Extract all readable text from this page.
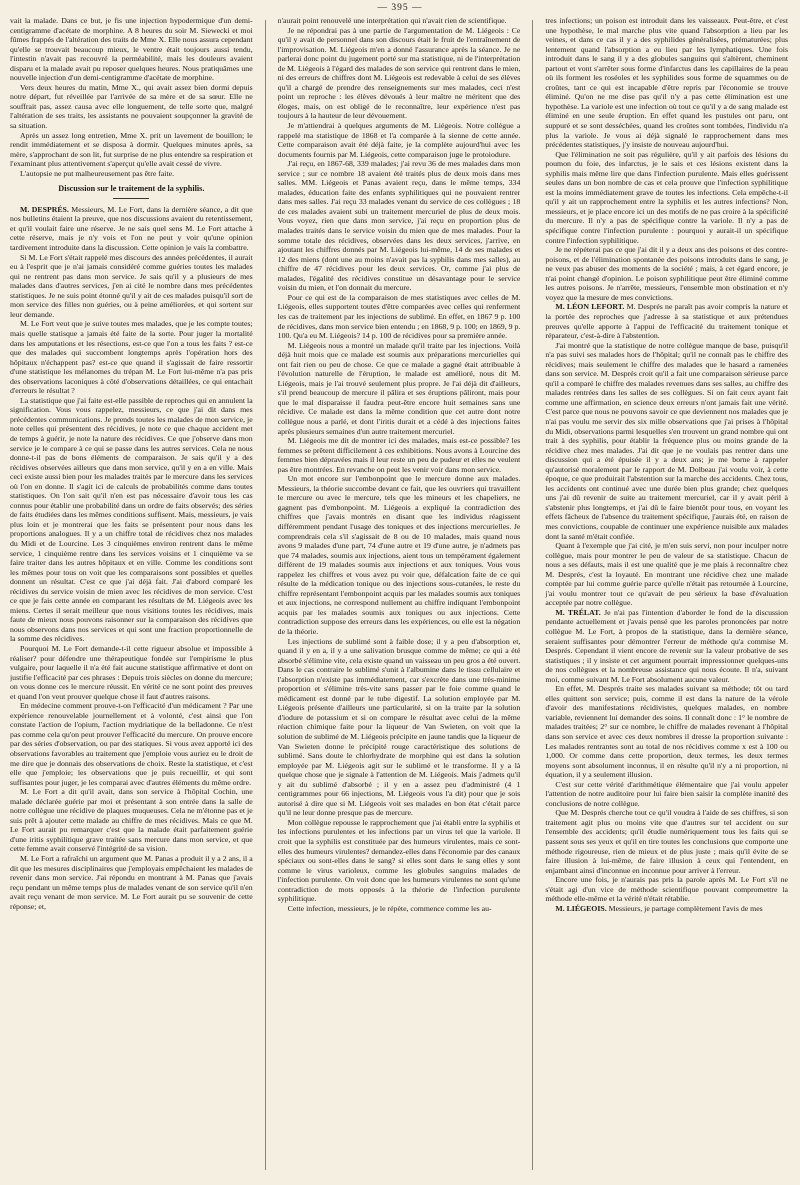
— 395 —

vait la malade. Dans ce but, je fis une injection hypodermique d'un demi-centigramme d'acétate de morphine. A 8 heures du soir M. Siewecki et moi fûmes frappés de l'altération des traits de Mme X. Elle nous assura cependant qu'elle se trouvait beaucoup mieux, le ventre était toujours aussi tendu, l'intestin n'avait pas recouvré la perméabilité, mais les douleurs avaient disparu et la malade avait pu reposer quelques heures. Nous pratiquâmes une nouvelle injection d'un demi-centigramme d'acétate de morphine.

Vers deux heures du matin, Mme X., qui avait assez bien dormi depuis notre départ, fut réveillée par l'arrivée de sa mère et de sa sœur. Elle ne souffrait pas, assez causa avec elle longuement, de telle sorte que, malgré l'altération de ses traits, les assistants ne pouvaient soupçonner la gravité de sa situation.

Après un assez long entretien, Mme X. prit un lavement de bouillon; le rendit immédiatement et se disposa à dormir. Quelques minutes après, sa mère, s'approchant de son lit, fut surprise de ne plus entendre sa respiration et l'examinant plus attentivement s'aperçut qu'elle avait cessé de vivre.

L'autopsie ne put malheureusement pas être faite.

Discussion sur le traitement de la syphilis.

M. DESPRÉS. Messieurs, M. Le Fort, dans la dernière séance, a dit que nos bulletins étaient la preuve, que nos discussions avaient du retentissement, et qu'il voulait faire une réserve. Je ne sais quel sens M. Le Fort attache à cette réserve, mais je n'y vois et l'on ne peut y voir qu'une opinion tardivement introduite dans la discussion. Cette opinion je vais la combattre.

Si M. Le Fort s'était rappelé mes discours des années précédentes, il aurait eu à l'esprit que je n'ai jamais considéré comme guéries toutes les malades qui ne rentrent pas dans mon service. Je sais qu'il y a plusieurs de mes malades dans d'autres services, j'en ai cité le nombre dans mes précédentes statistiques. Je ne suis point étonné qu'il y ait de ces malades puisqu'il sort de mon service des filles non guéries, ou à peine améliorées, et qui sortent sur leur demande.

M. Le Fort veut que je suive toutes mes malades, que je les compte toutes; mais quelle statisque a jamais été faite de la sorte. Pour juger la mortalité dans les amputations et les résections, est-ce que l'on a tous les faits ? est-ce que des malades qui succombent longtemps après l'opération hors des hôpitaux n'échappent pas? est-ce que quand il s'agissait de faire ressortir d'une statistique les mélanomes du trépan M. Le Fort lui-même n'a pas pris des observations laconiques à côté d'observations détaillées, ce qui entachait d'erreurs le résultat ?

La statistique que j'ai faite est-elle passible de reproches qui en annulent la signification. Vous vous rappelez, messieurs, ce que j'ai dit dans mes précédentes communications. Je prends toutes les malades de mon service, je note celles qui présentent des récidives, je note ce que chaque accident met de temps à guérir, je note la nature des récidives. Ce que j'observe dans mon service je le compare à ce qui se passe dans les autres services. Cela ne nous donne-t-il pas de bons éléments de comparaison. Je sais qu'il y a des récidives observées ailleurs que dans mon service, qu'il y en a en ville. Mais ceci existe aussi bien pour les malades traités par le mercure dans les services où l'on en donne. Il s'agit ici de calculs de probabilités comme dans toutes statistiques. On l'on sait qu'il n'en est pas nécessaire d'avoir tous les cas connus pour établir une probabilité dans un ordre de faits observés; des séries de faits étudiées dans les mêmes conditions suffisent. Mais, messieurs, je vais plus loin et je montrerai que les faits se présentent pour nous dans les proportions analogues. Il y a un chiffre total de récidives chez nos malades du Midi et de Lourcine. Les 3 cinquièmes environ rentrent dans le même service, 1 cinquième rentre dans les services voisins et 1 cinquième va se faire traiter dans les autres hôpitaux et en ville. Comme les conditions sont les mêmes pour tous on voit que les comparaisons sont possibles et quelles donnent un résultat. C'est ce que j'ai déjà fait. J'ai d'abord comparé les récidives du service voisin de mien avec les récidives de mon service. C'est ce que je fais cette année en comparant les résultats de M. Liégeois avec les miens. Certes il serait meilleur que nous visitions toutes les récidives, mais faute de mieux nous pouvons raisonner sur la comparaison des récidives que nous observons dans nos services et qui sont une fraction proportionnelle de la somme des récidives.

Pourquoi M. Le Fort demande-t-il cette rigueur absolue et impossible à réaliser? pour défendre une thérapeutique fondée sur l'empirisme le plus vulgaire, pour laquelle il n'a été fait aucune statistique affirmative et dont on justifie l'efficacité par ces phrases : Depuis trois siècles on donne du mercure; on vous donne ces le mercure réussit. En vérité ce ne sont point des preuves et quand l'on veut prouver quelque chose il faut d'autres raisons.

En médecine comment prouve-t-on l'efficacité d'un médicament ? Par une expérience renouvelable journellement et à volonté, c'est ainsi que l'on constate l'action de l'opium, l'action mydriatique de la belladonne. Ce n'est pas comme cela qu'on peut prouver l'efficacité du mercure. On prouve encore par des séries d'observation, ou par des statiques. Si vous avez apporté ici des observations favorables au traitement que j'emploie vous auriez eu le droit de me dire que je donnais des observations de choix. Reste la statistique, et c'est elle que j'emploie; les observations que je puis recueillir, et qui sont suffisantes pour juger, je les comparai avec d'autres éléments du même ordre.

M. Le Fort a dit qu'il avait, dans son service à l'hôpital Cochin, une malade déclarée guérie par moi et présentant à son entrée dans la salle de notre collègue une récidive de plaques muqueuses. Cela ne m'étonne pas et je suis prêt à ajouter cette malade au chiffre de mes récidives. Mais ce que M. Le Fort aurait pu remarquer c'est que la malade était parfaitement guérie d'une iritis syphilitique grave traitée sans mercure dans mon service, et que cette femme avait conservé l'intégrité de sa vision.

M. Le Fort a rafraîchi un argument que M. Panas a produit il y a 2 ans, il a dit que les mesures disciplinaires que j'employais empêchaient les malades de revenir dans mon service. J'ai répondu en montrant à M. Panas que j'avais reçu pendant un même temps plus de malades venant de son service qu'il n'en avait reçu venant de mon service. M. Le Fort aurait pu se souvenir de cette réponse; et,

n'aurait point renouvelé une interprétation qui n'avait rien de scientifique.

Je ne répondrai pas à une partie de l'argumentation de M. Liégeois : Ce qu'il y avait de personnel dans son discours était le fruit de l'entraînement de l'improvisation. M. Liégeois m'en a donné l'assurance après la séance. Je ne parlerai donc point du jugement porté sur ma statistique, ni de l'interprétation de M. Liégeois à l'égard des malades de son service qui rentrent dans le mien, ni des erreurs de chiffres dont M. Liégeois est redevable à celui de ses élèves qu'il a chargé de prendre des renseignements sur mes malades, ceci n'est point un reproche : les élèves dévoués à leur maître ne méritent que des éloges, mais, on est obligé de le reconnaître, leur expérience n'est pas toujours à la hauteur de leur dévouement.

Je m'attiendrai à quelques arguments de M. Liégeois. Notre collègue a rappelé ma statistique de 1868 et l'a comparée à la sienne de cette année. Cette comparaison avait été déjà faite, je la complète aujourd'hui avec les documents fournis par M. Liégeois, cette comparaison juge le protoiodure.

J'ai reçu, en 1867-68, 339 malades; j'ai revu 36 de mes malades dans mon service ; sur ce nombre 18 avaient été traités plus de deux mois dans mes salles. MM. Liégeois et Panas avaient reçu, dans le même temps, 334 malades, éducation faite des enfants syphilitiques qui ne pouvaient rentrer dans mes salles. J'ai reçu 33 malades venant du service de ces collègues ; 18 de ces malades avaient subi un traitement mercuriel de plus de deux mois. Vous voyez, rien que dans mon service, j'ai reçu en proportion plus de malades traités dans le service voisin du mien que de mes malades. Pour la somme totale des récidives, observées dans les deux services, j'arrive, en ajoutant les chiffres donnés par M. Liégeois lui-même, 14 de ses malades et 12 des miens (dont une au moins n'avait pas la syphilis dans mes salles), au chiffre de 47 récidives pour les deux services. Or, comme j'ai plus de malades, l'égalité des récidives constitue un désavantage pour le service voisin du mien, et l'on donnait du mercure.

Pour ce qui est de la comparaison de mes statistiques avec celles de M. Liégeois, elles supportent toutes d'être comparées avec celles qui renferment les cas de traitement par les injections de sublimé. En effet, en 1867 9 p. 100 de récidives, dans mon service bien entendu ; en 1868, 9 p. 100; en 1869, 9 p. 100. Qu'a eu M. Liégeois? 14 p. 100 de récidives pour sa première année.

M. Liégeois nous a montré un malade qu'il traite par les injections. Voilà déjà huit mois que ce malade est soumis aux préparations mercurielles qui ont fait rien ou peu de chose. Ce que ce malade a gagné était attribuable à l'évolution naturelle de l'éruption, le malade est amélioré, nous dit M. Liégeois, mais je l'ai trouvé seulement plus propre. Je l'ai déjà dit d'ailleurs, s'il prend beaucoup de mercure il pâlira et ses éruptions pâliront, mais pour que le mal disparaisse il faudra peut-être encore huit semaines sans une récidive. Ce malade est dans la même condition que cet autre dont notre collègue nous a parlé, et dont l'iritis durait et a cédé à des injections faites après plusieurs semaines d'un autre traitement mercuriel.

M. Liégeois me dit de montrer ici des malades, mais est-ce possible? les femmes se prêtent difficilement à ces exhibitions. Nous avons à Lourcine des femmes bien dépravées mais il leur reste un peu de pudeur et elles ne veulent pas être montrées. En revanche on peut les venir voir dans mon service.

Un mot encore sur l'embonpoint que le mercure donne aux malades. Messieurs, la théorie succombe devant ce fait, que les ouvriers qui travaillent le mercure ou avec le mercure, tels que les mineurs et les chapeliers, ne gagnent pas d'embonpoint. M. Liégeois a expliqué la contradiction des chiffres que j'avais montrés en disant que les individus réagissent différemment pendant l'usage des toniques et des injections mercurielles. Je comprendrais cela s'il s'agissait de 8 ou de 10 malades, mais quand nous avons 9 malades d'une part, 74 d'une autre et 19 d'une autre, je n'admets pas que 74 malades, soumis aux injections, aient tous un tempérament également différent de 19 malades soumis aux injections et aux toniques. Vous vous rappelez les chiffres et vous avez pu voir que, défalcation faite de ce qui résulte de la médication tonique ou des injections sous-cutanées, le reste du chiffre représentant l'embonpoint acquis par les malades soumis aux toniques et aux injections, ne correspond nullement au chiffre indiquant l'embonpoint acquis par les malades soumis aux toniques ou aux injections. Cette contradiction suppose des erreurs dans les expériences, ou elle est la négation de la théorie.

Les injections de sublimé sont à faible dose; il y a peu d'absorption et, quand il y en a, il y a une salivation brusque comme de même; ce qui a été absorbé s'élimine vite, cela existe quand un vaisseau un peu gros a été ouvert. Dans le cas contraire le sublimé s'unit à l'albumine dans le tissu cellulaire et l'absorption n'existe pas immédiatement, car s'excrète dans une très-minime proportion et s'élimine très-vite sans passer par le foie comme quand le médicament est donné par le tube digestif. La solution employée par M. Liégeois présente d'ailleurs une particularité, si on la traite par la solution d'iodure de potassium et si on compare le résultat avec celui de la même réaction chimique faite pour la liqueur de Van Swieten, on voit que la solution de sublimé de M. Liégeois précipite en jaune tandis que la liqueur de Van Swieten donne le précipité rouge caractéristique des solutions de sublimé. Sans doute le chlorhydrate de morphine qui est dans la solution employée par M. Liégeois agit sur le sublimé et le transforme. Il y a là quelque chose que je signale à l'attention de M. Liégeois. Mais j'admets qu'il y ait du sublimé d'absorbé ; il y en a assez peu d'administré (4 1 centigrammes pour 66 injections, M. Liégeois vous l'a dit) pour que je sois autorisé à dire que si M. Liégeois voit ses malades en bon état c'était parce qu'il ne leur donne presque pas de mercure.

Mon collègue repousse le rapprochement que j'ai établi entre la syphilis et les infections purulentes et les infections par un virus tel que la variole. Il croit que la syphilis est constituée par des humeurs virulentes, mais ce sont-elles des humeurs virulentes? demandez-elles dans l'économie par des canaux spéciaux ou sont-elles dans le sang? si elles sont dans le sang elles y sont comme le virus varioleux, comme les globules sanguins malades de l'infection purulente. On voit donc que les humeurs virulentes ne sont qu'une contradiction de mots opposés à la théorie de l'infection purulente syphilitique.

Cette infection, messieurs, je le répète, commence comme les au-

tres infections; un poison est introduit dans les vaisseaux. Peut-être, et c'est une hypothèse, le mal marche plus vite quand l'absorption a lieu par les veines, et dans ce cas il y a des syphilides généralisées, prématurées; plus lentement quand l'absorption a eu lieu par les lymphatiques. Une fois introduit dans le sang il y a des globules sanguins qui s'altèrent, cheminent partout et vont s'arrêter sous forme d'infarctus dans les capillaires de la peau où ils forment les roséoles et les syphilides sous forme de squammes ou de croûtes, tant ce qui est incapable d'être repris par l'économie se trouve éliminé. Qu'on ne me dise pas qu'il n'y a pas cette élimination est une hypothèse. La variole est une infection où tout ce qu'il y a de sang malade est éliminé en une seule éruption. En effet quand les pustules ont paru, ont suppuré et se sont desséchées, quand les croûtes sont tombées, l'individu n'a plus la variole. Je vous ai déjà signalé le rapprochement dans mes précédentes statistiques, j'y insiste de nouveau aujourd'hui.

Que l'élimination ne soit pas régulière, qu'il y ait parfois des lésions du poumon du foie, des infarctus, je le sais et ces lésions existent dans la syphilis mais même lire que dans l'infection purulente. Mais elles guérissent seules dans un bon nombre de cas et cela prouve que l'infection syphilitique est la moins immédiatement grave de toutes les infections. Cela empêche-t-il qu'il y ait un rapprochement entre la syphilis et les autres infections? Non, messieurs, et je place encore ici un des motifs de ne pas croire à la spécificité du mercure. Il n'y a pas de spécifique contre la variole. Il n'y a pas de spécifique contre l'infection purulente : pourquoi y aurait-il un spécifique contre l'infection syphilitique.

Je ne répéterai pas ce que j'ai dit il y a deux ans des poisons et des contre-poisons, et de l'élimination spontanée des poisons introduits dans le sang, je ne veux pas abuser des moments de la société ; mais, à cet égard encore, je n'ai point changé d'opinion. Le poison syphilitique peut être éliminé comme les autres poisons. Je n'arrête, messieurs, l'ensemble mon obstination et n'y voyez que la mesure de mes convictions.

M. LÉON LEFORT. M. Després ne paraît pas avoir compris la nature et la portée des reproches que j'adresse à sa statistique et aux prétendues preuves qu'elle apporte à l'appui de l'efficacité du traitement tonique et réparateur, c'est-à-dire à l'abstention.

J'ai montré que la statistique de notre collègue manque de base, puisqu'il n'a pas suivi ses malades hors de l'hôpital; qu'il ne connaît pas le chiffre des récidives; mais seulement le chiffre des malades que le hasard a ramenées dans son service. M. Després croit qu'il a fait une comparaison sérieuse parce qu'il a comparé le chiffre des malades revenues dans ses salles, au chiffre des malades rentrées dans les salles de ses collègues. Si on fait ceux ayant fait comme une affirmation, en science deux erreurs n'ont jamais fait une vérité. C'est parce que nous ne pouvons savoir ce que deviennent nos malades que je n'ai pas voulu me servir des six mille observations que j'ai prises à l'hôpital du Midi, observations parmi lesquelles s'en trouvent un grand nombre qui ont trait à des syphilis, pour établir la fréquence plus ou moins grande de la récidive chez mes malades. J'ai dit que je ne voulais pas rentrer dans une discussion qui a été épuisée il y a deux ans; je me borne à rappeler qu'autorisé moralement par le rapport de M. Dolbeau j'ai voulu voir, à cette époque, ce que produirait l'abstention sur la marche des accidents. Chez tous, les accidents ont continué avec une durée bien plus grande; chez quelques uns j'ai dû revenir de suite au traitement mercuriel, car il y avait péril à s'abstenir plus longtemps, et j'ai dû le faire bientôt pour tous, en voyant les effets fâcheux de l'absence du traitement spécifique, j'aurais été, en raison de mes convictions, coupable de continuer une expérience nuisible aux malades dont la santé m'était confiée.

Quant à l'exemple que j'ai cité, je m'en suis servi, non pour inculper notre collègue, mais pour montrer le peu de valeur de sa statistique. Chacun de nous a ses défauts, mais il est une qualité que je me plais à reconnaître chez M. Després, c'est la loyauté. En montrant une récidive chez une malade comptée par lui comme guérie parce qu'elle n'était pas retournée à Lourcine, j'ai voulu montrer tout ce qu'avait de peu sérieux la base d'évaluation acceptée par notre collègue.

M. TRÉLAT. Je n'ai pas l'intention d'aborder le fond de la discussion pendante actuellement et j'avais pensé que les paroles prononcées par notre collègue M. Le Fort, à propos de la statistique, dans la dernière séance, seraient suffisantes pour démontrer l'erreur de méthode qu'a commise M. Després. Cependant il vient encore de revenir sur la valeur probative de ses statistiques ; il y insiste et cet argument pourrait impressionner quelques-uns de nos collègues et la nombreuse assistance qui nous écoute. Il n'a, suivant moi, comme suivant M. Le Fort absolument aucune valeur.

En effet, M. Després traite ses malades suivant sa méthode; tôt ou tard elles quittent son service; puis, comme il est dans la nature de la vérole d'avoir des manifestations récidivistes, quelques malades, en nombre variable, reviennent lui demander des soins. Il connaît donc : 1° le nombre de malades traitées; 2° sur ce nombre, le chiffre de malades revenant à l'hôpital dans son service et avec ces deux nombres il dresse la proportion suivante : Les malades rentrantes sont au total de nos récidives comme x est à 100 ou 1,000. Or comme dans cette proportion, deux termes, les deux termes moyens sont absolument inconnus, il en résulte qu'il n'y a ni proportion, ni équation, il y a seulement illusion.

C'est sur cette vérité d'arithmétique élémentaire que j'ai voulu appeler l'attention de notre auditoire pour lui faire bien saisir la complète inanité des conclusions de notre collègue.

Que M. Després cherche tout ce qu'il voudra à l'aide de ses chiffres, si son traitement agit plus ou moins vite que d'autres sur tel accident ou sur l'ensemble des accidents; qu'il étudie numériquement tous les faits qui se passent sous ses yeux et qu'il en tire toutes les conclusions que comporte une méthode rigoureuse, rien de mieux et de plus juste ; mais qu'il évite de se faire illusion à lui-même, de faire illusion à ceux qui l'entendent, en enjambant ainsi d'inconnue en inconnue pour arriver à l'erreur.

Encore une fois, je n'aurais pas pris la parole après M. Le Fort s'il ne s'était agi d'un vice de méthode scientifique pouvant compromettre la méthode elle-même et la vérité n'était rétablie.

M. LIÉGEOIS. Messieurs, je partage complètement l'avis de mes
